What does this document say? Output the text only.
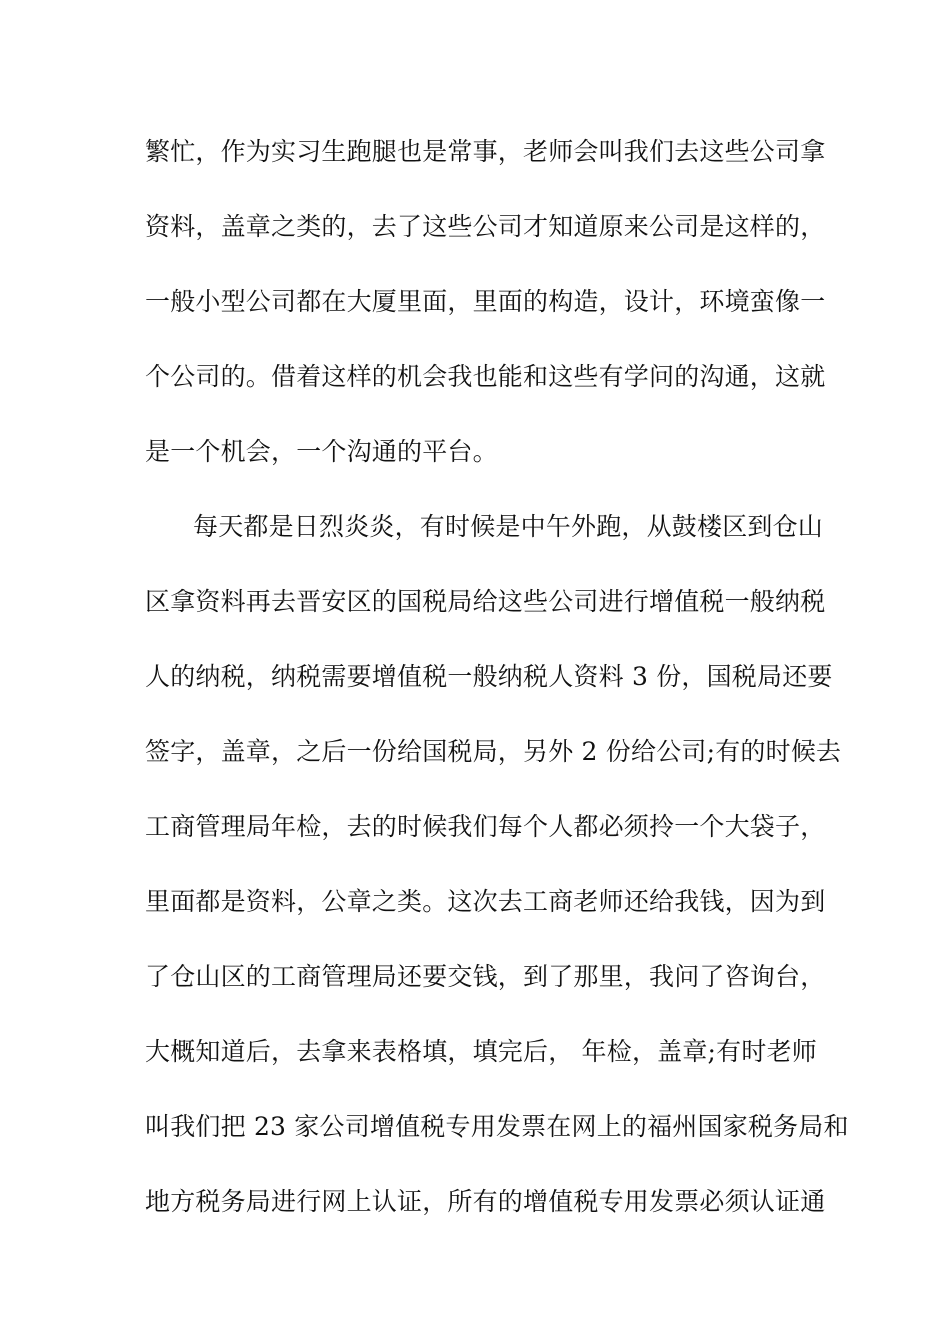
繁忙，作为实习生跑腿也是常事，老师会叫我们去这些公司拿
资料，盖章之类的，去了这些公司才知道原来公司是这样的，
一般小型公司都在大厦里面，里面的构造，设计，环境蛮像一
个公司的。借着这样的机会我也能和这些有学问的沟通，这就
是一个机会，一个沟通的平台。
每天都是日烈炎炎，有时候是中午外跑，从鼓楼区到仓山
区拿资料再去晋安区的国税局给这些公司进行增值税一般纳税
人的纳税，纳税需要增值税一般纳税人资料 3 份，国税局还要
签字，盖章，之后一份给国税局，另外 2 份给公司;有的时候去
工商管理局年检，去的时候我们每个人都必须拎一个大袋子，
里面都是资料，公章之类。这次去工商老师还给我钱，因为到
了仓山区的工商管理局还要交钱，到了那里，我问了咨询台，
大概知道后，去拿来表格填，填完后， 年检，盖章;有时老师
叫我们把 23 家公司增值税专用发票在网上的福州国家税务局和
地方税务局进行网上认证，所有的增值税专用发票必须认证通
